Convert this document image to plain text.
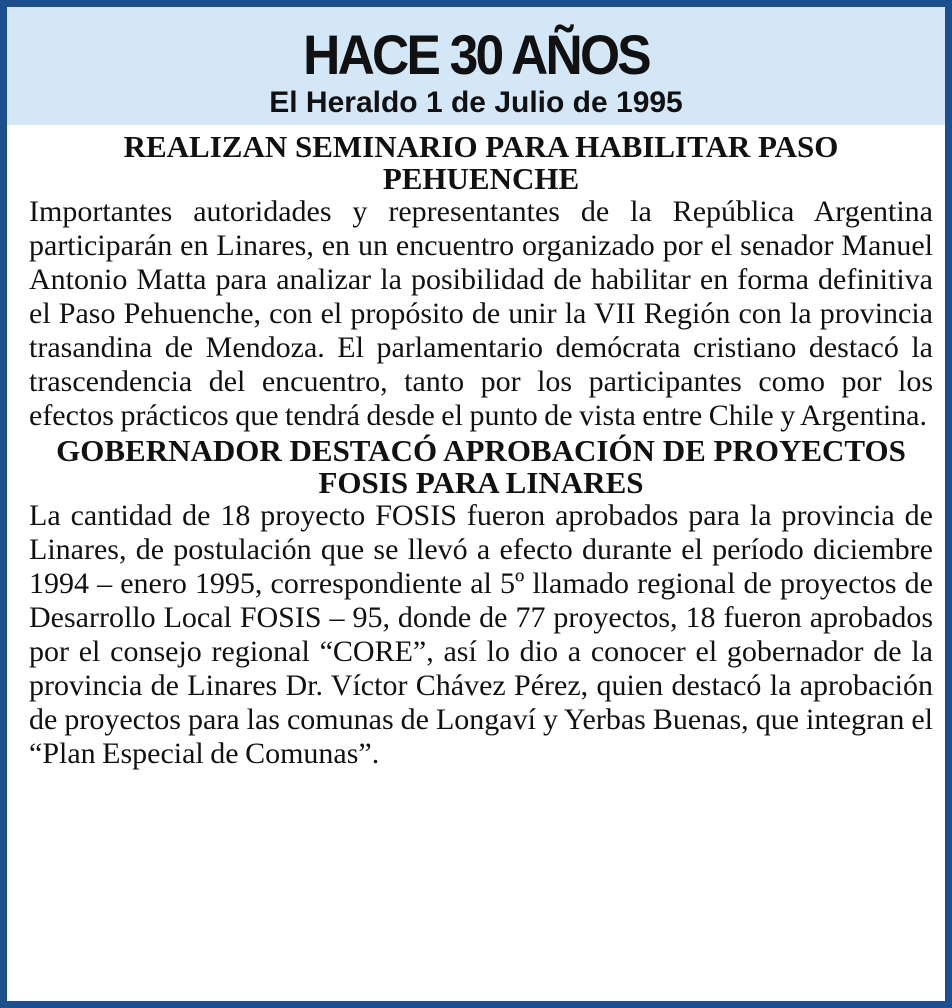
HACE 30 AÑOS
El Heraldo 1 de Julio de 1995
REALIZAN SEMINARIO PARA HABILITAR PASO PEHUENCHE

Importantes autoridades y representantes de la República Argentina participarán en Linares, en un encuentro organizado por el senador Manuel Antonio Matta para analizar la posibilidad de habilitar en forma definitiva el Paso Pehuenche, con el propósito de unir la VII Región con la provincia trasandina de Mendoza. El parlamentario demócrata cristiano destacó la trascendencia del encuentro, tanto por los participantes como por los efectos prácticos que tendrá desde el punto de vista entre Chile y Argentina.

GOBERNADOR DESTACÓ APROBACIÓN DE PROYECTOS FOSIS PARA LINARES

La cantidad de 18 proyecto FOSIS fueron aprobados para la provincia de Linares, de postulación que se llevó a efecto durante el período diciembre 1994 – enero 1995, correspondiente al 5º llamado regional de proyectos de Desarrollo Local FOSIS – 95, donde de 77 proyectos, 18 fueron aprobados por el consejo regional “CORE”, así lo dio a conocer el gobernador de la provincia de Linares Dr. Víctor Chávez Pérez, quien destacó la aprobación de proyectos para las comunas de Longaví y Yerbas Buenas, que integran el “Plan Especial de Comunas”.
